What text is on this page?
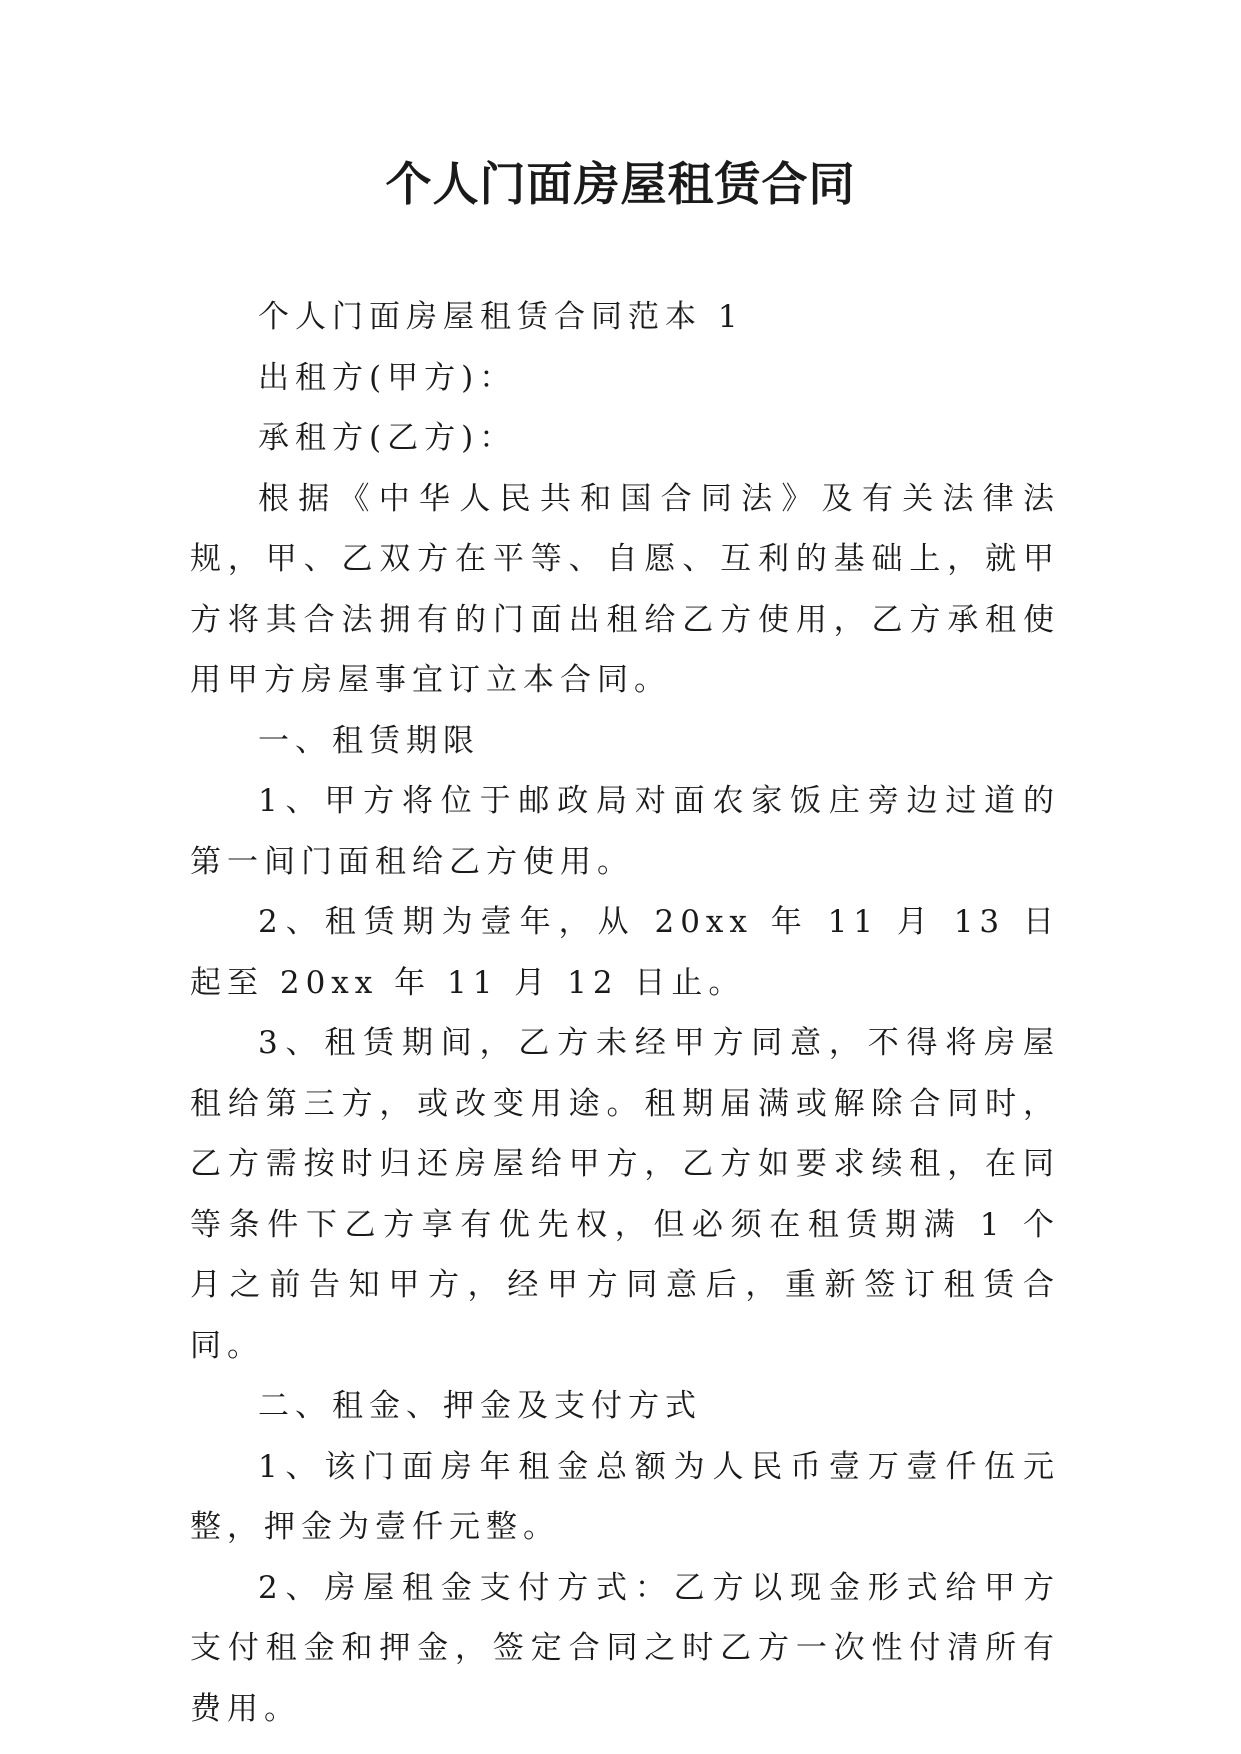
个人门面房屋租赁合同

个人门面房屋租赁合同范本 1

出租方(甲方)：

承租方(乙方)：

根据《中华人民共和国合同法》及有关法律法规，甲、乙双方在平等、自愿、互利的基础上，就甲方将其合法拥有的门面出租给乙方使用，乙方承租使用甲方房屋事宜订立本合同。

一、租赁期限

1、甲方将位于邮政局对面农家饭庄旁边过道的第一间门面租给乙方使用。

2、租赁期为壹年，从 20xx 年 11 月 13 日起至 20xx 年 11 月 12 日止。

3、租赁期间，乙方未经甲方同意，不得将房屋租给第三方，或改变用途。租期届满或解除合同时，乙方需按时归还房屋给甲方，乙方如要求续租，在同等条件下乙方享有优先权，但必须在租赁期满 1 个月之前告知甲方，经甲方同意后，重新签订租赁合同。

二、租金、押金及支付方式

1、该门面房年租金总额为人民币壹万壹仟伍元整，押金为壹仟元整。

2、房屋租金支付方式：乙方以现金形式给甲方支付租金和押金，签定合同之时乙方一次性付清所有费用。
